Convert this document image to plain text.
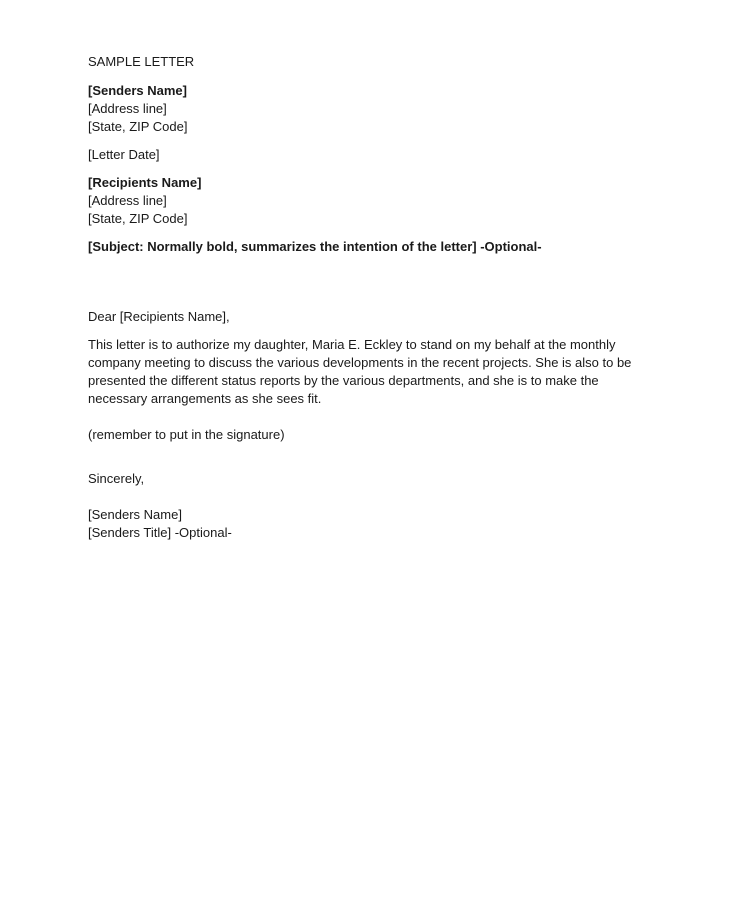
SAMPLE LETTER
[Senders Name]
[Address line]
[State, ZIP Code]
[Letter Date]
[Recipients Name]
[Address line]
[State, ZIP Code]
[Subject: Normally bold, summarizes the intention of the letter] -Optional-
Dear [Recipients Name],
This letter is to authorize my daughter, Maria E. Eckley to stand on my behalf at the monthly company meeting to discuss the various developments in the recent projects. She is also to be presented the different status reports by the various departments, and she is to make the necessary arrangements as she sees fit.
(remember to put in the signature)
Sincerely,
[Senders Name]
[Senders Title] -Optional-
